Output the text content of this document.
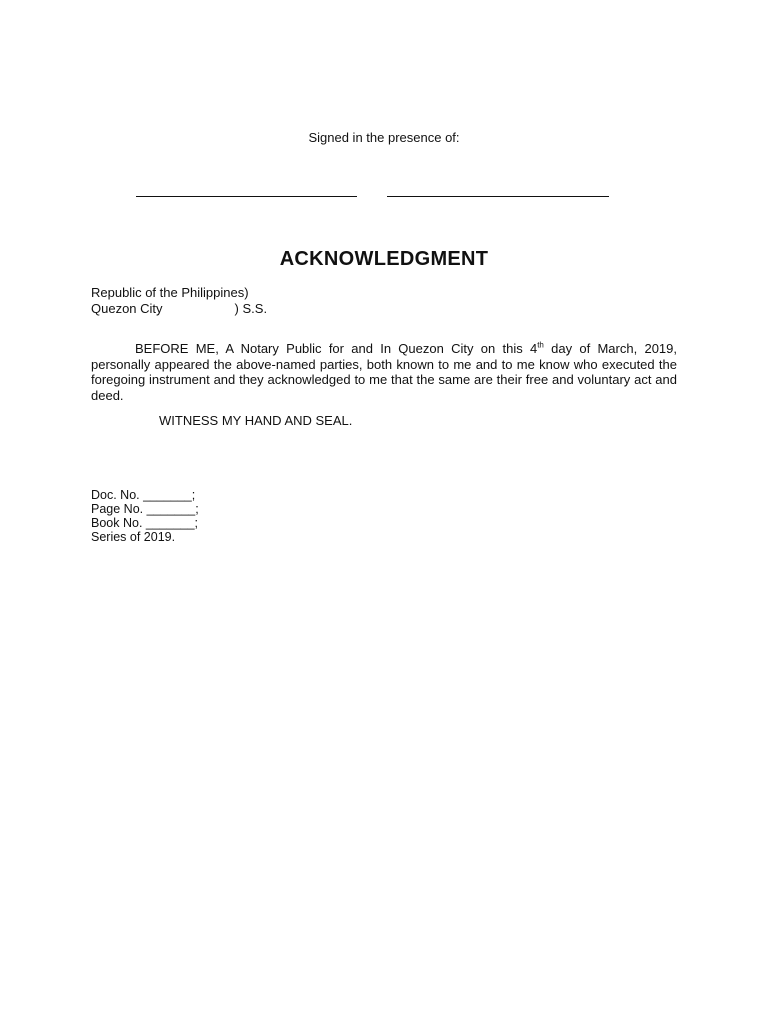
Signed in the presence of:
ACKNOWLEDGMENT
Republic of the Philippines)
Quezon City	) S.S.
BEFORE ME, A Notary Public for and In Quezon City on this 4th day of March, 2019, personally appeared the above-named parties, both known to me and to me know who executed the foregoing instrument and they acknowledged to me that the same are their free and voluntary act and deed.
WITNESS MY HAND AND SEAL.
Doc. No. _______;
Page No. _______;
Book No. _______;
Series of 2019.
